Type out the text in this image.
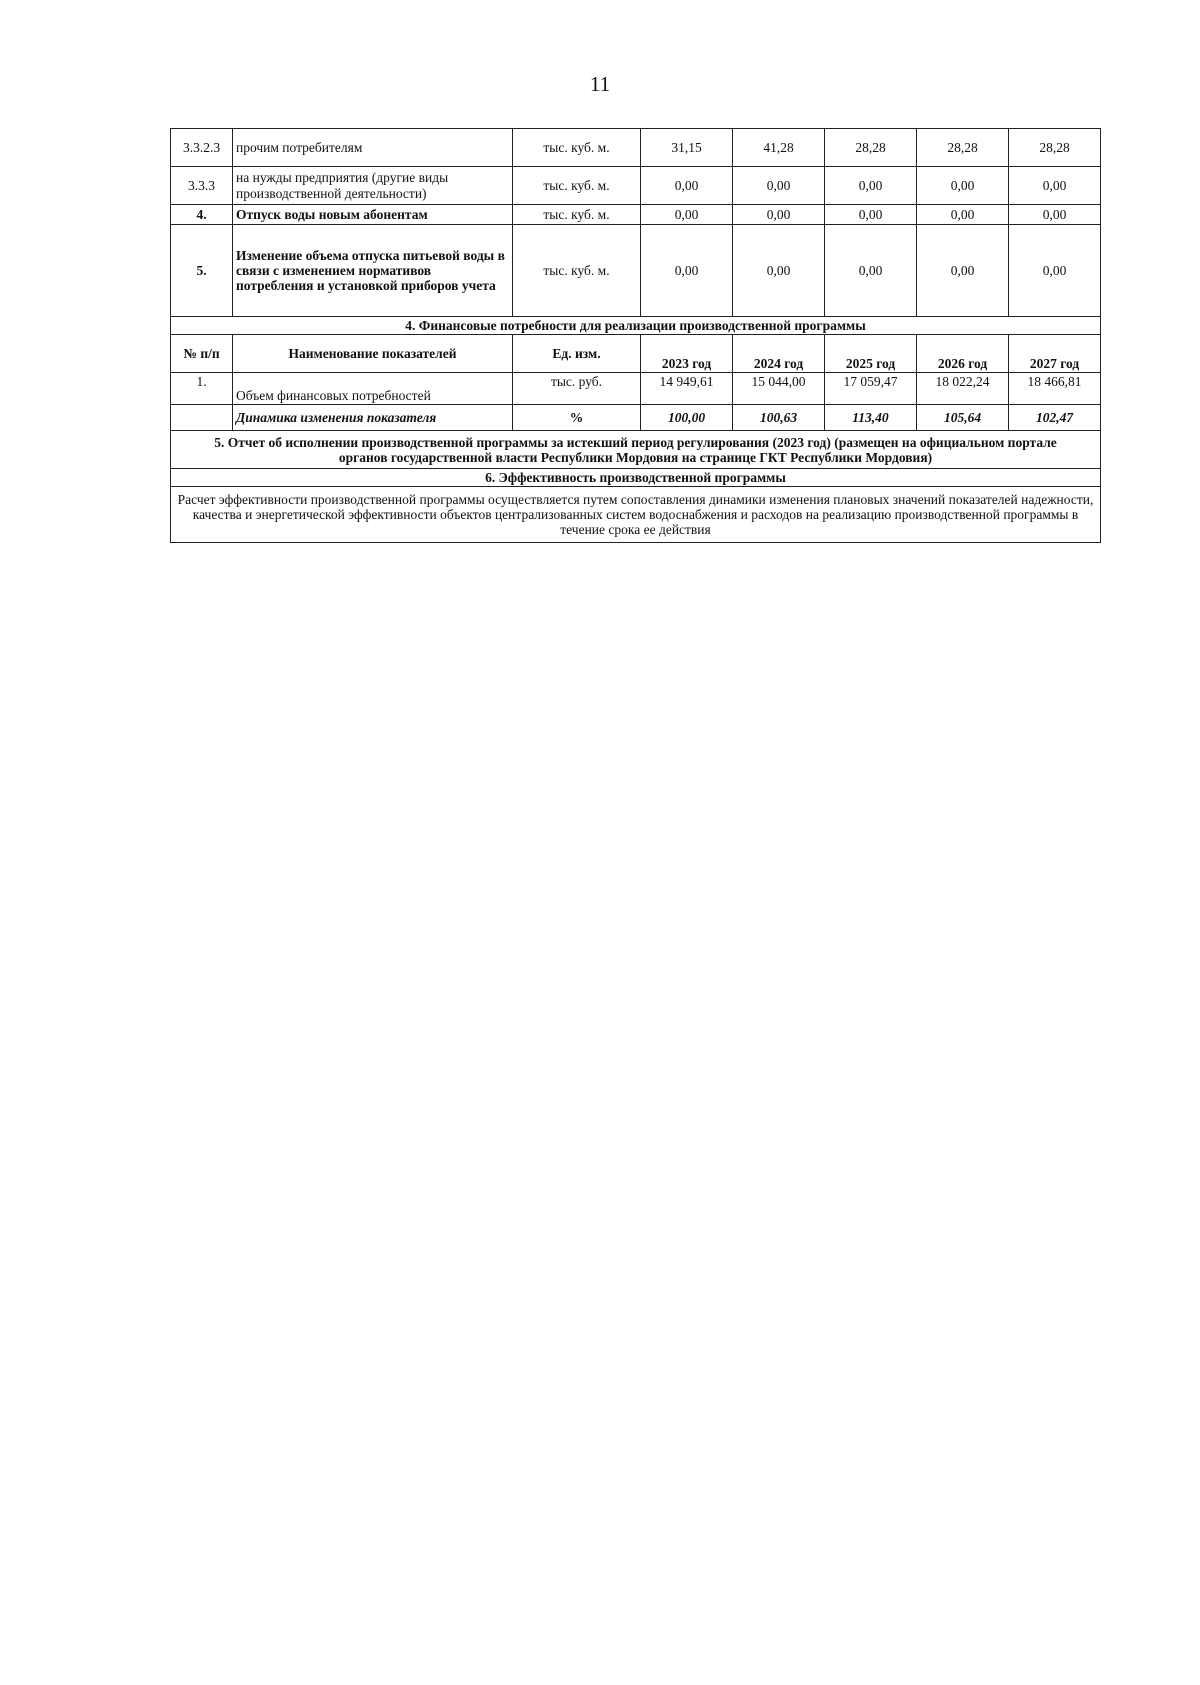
11
3.3.2.3	прочим потребителям	тыс. куб. м.	31,15	41,28	28,28	28,28	28,28
3.3.3	на нужды предприятия (другие виды производственной деятельности)	тыс. куб. м.	0,00	0,00	0,00	0,00	0,00
4.	Отпуск воды новым абонентам	тыс. куб. м.	0,00	0,00	0,00	0,00	0,00
5.	Изменение объема отпуска питьевой воды в связи с изменением нормативов потребления и установкой приборов учета	тыс. куб. м.	0,00	0,00	0,00	0,00	0,00
4. Финансовые потребности для реализации производственной программы							
№ п/п	Наименование показателей	Ед. изм.	2023 год	2024 год	2025 год	2026 год	2027 год
1.	Объем финансовых потребностей	тыс. руб.	14 949,61	15 044,00	17 059,47	18 022,24	18 466,81
	Динамика изменения показателя	%	100,00	100,63	113,40	105,64	102,47
5. Отчет об исполнении производственной программы за истекший период регулирования (2023 год) (размещен на официальном портале органов государственной власти Республики Мордовия на странице ГКТ Республики Мордовия)							
6. Эффективность производственной программы							
Расчет эффективности производственной программы осуществляется путем сопоставления динамики изменения плановых значений показателей надежности, качества и энергетической эффективности объектов централизованных систем водоснабжения и расходов на реализацию производственной программы в течение срока ее действия							
